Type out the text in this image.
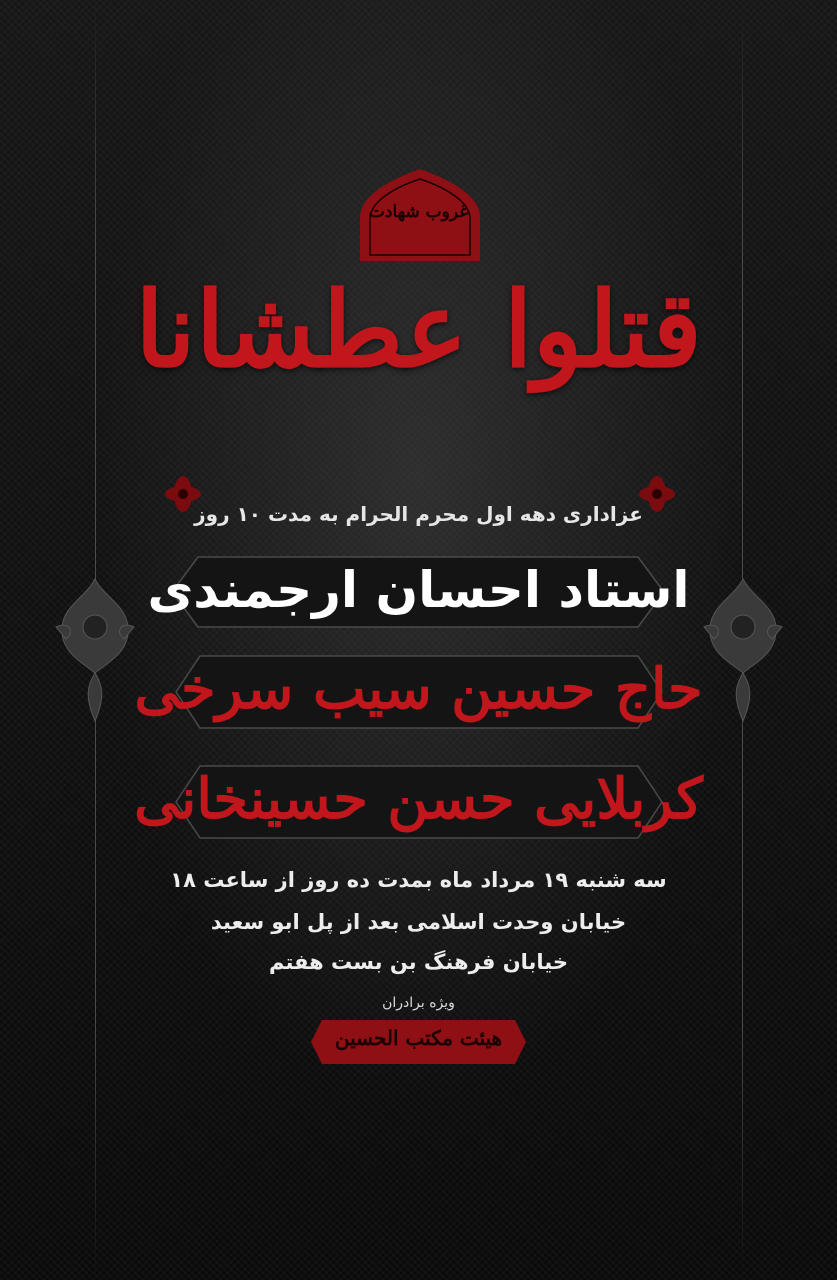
غروب شهادت
قتلوا عطشانا
عزاداری دهه اول محرم الحرام به مدت ۱۰ روز
استاد احسان ارجمندی
حاج حسین سیب سرخی
کربلایی حسن حسینخانی
سه شنبه ۱۹ مرداد ماه بمدت ده روز از ساعت ۱۸
خیابان وحدت اسلامی بعد از پل ابو سعید
خیابان فرهنگ بن بست هفتم
ویژه برادران
هیئت مکتب الحسین
